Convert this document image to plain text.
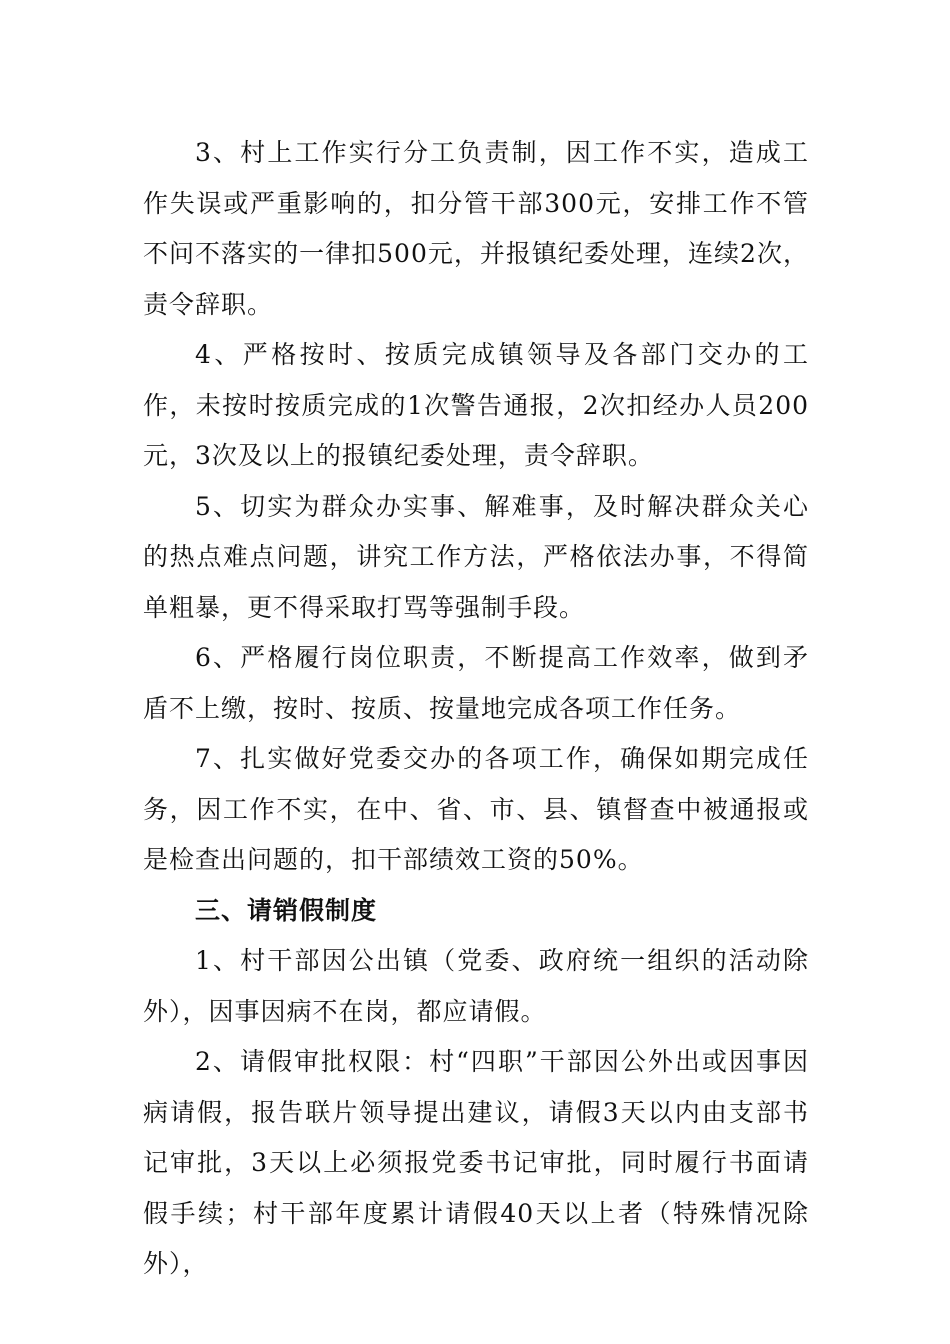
3、村上工作实行分工负责制，因工作不实，造成工作失误或严重影响的，扣分管干部300元，安排工作不管不问不落实的一律扣500元，并报镇纪委处理，连续2次，责令辞职。

4、严格按时、按质完成镇领导及各部门交办的工作，未按时按质完成的1次警告通报，2次扣经办人员200元，3次及以上的报镇纪委处理，责令辞职。

5、切实为群众办实事、解难事，及时解决群众关心的热点难点问题，讲究工作方法，严格依法办事，不得简单粗暴，更不得采取打骂等强制手段。

6、严格履行岗位职责，不断提高工作效率，做到矛盾不上缴，按时、按质、按量地完成各项工作任务。

7、扎实做好党委交办的各项工作，确保如期完成任务，因工作不实，在中、省、市、县、镇督查中被通报或是检查出问题的，扣干部绩效工资的50%。

三、请销假制度

1、村干部因公出镇（党委、政府统一组织的活动除外），因事因病不在岗，都应请假。

2、请假审批权限：村“四职”干部因公外出或因事因病请假，报告联片领导提出建议，请假3天以内由支部书记审批，3天以上必须报党委书记审批，同时履行书面请假手续；村干部年度累计请假40天以上者（特殊情况除外），
